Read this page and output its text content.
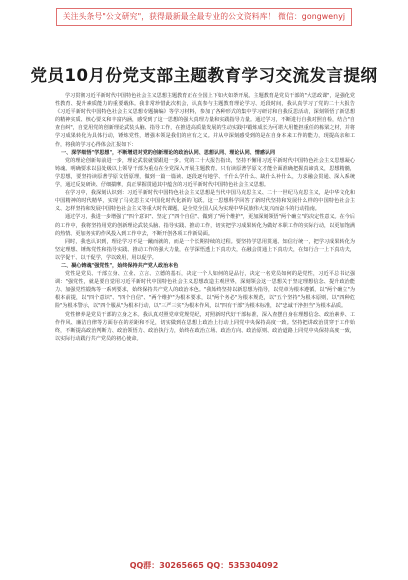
关注头条号"公文研究"，获得最新最全最专业的公文资料库！ 微信：gongwenyj
党员10月份党支部主题教育学习交流发言提纲

学习贯彻习近平新时代中国特色社会主义思想主题教育正在全国上下如火如荼开展。主题教育是党员干部的"大思政课"，是强化党性教育、提升素质能力的重要载体。我非常珍惜此次机会，认真参与主题教育理论学习、近段时间，我认真学习了党的二十大报告《习近平新时代中国特色社会主义思想专题摘编》等学习材料，参加了各种形式的集中学习研讨和自我反思活动，深刻领悟了新思想的精神实质、核心要义和丰富内涵，感受到了这一思想的强大真理力量和实践指导力量。通过学习，不断进行自我对照自检，结合"自查自纠"，自觉用党的创新理论武装头脑、指导工作，在推进高质量发展的生动实践中锻炼成长为可堪大用能担重任的栋梁之材，并将学习成果转化为具体行动，锤炼党性，增强本领是我们的应有之义。并从中深刻感受到的是在自身本来工作的能力，现提高亲和工作，将我的学习心得体会汇报如下：

一、深学细悟"学思想"，不断增进对党的创新理论的政治认同、思想认同、理论认同、情感认同

党的理论创新每前进一步，理论武装就要跟进一步。党的二十大报告指出，坚持不懈用习近平新时代中国特色社会主义思想凝心铸魂。明确要求以县处级以上领导干部为重点在全党深入开展主题教育。只有读原著学原文才能全面准确把握真谛真义，思想精髓，学思想，要坚持读原著学原文悟原理，做到一篇一篇读、逐段逐句地学、千什么学什么、缺什么补什么，力求融会贯通、深入系统学，通过反复研读、仔细揣摩，真正掌握贯通其中蕴含的习近平新时代中国特色社会主义思想。

在学习中，我深刻认识到：习近平新时代中国特色社会主义思想是当代中国马克思主义、二十一世纪马克思主义，是中华文化和中国精神的时代精华，实现了马克思主义中国化时代化新的飞跃。这一思想科学回答了新时代坚持和发展什么样的中国特色社会主义、怎样坚持和发展中国特色社会主义等重大时代课题，是全党全国人民为实现中华民族伟大复兴而奋斗的行动指南。

通过学习，我进一步增强了"四个意识"、坚定了"四个自信"、做到了"两个维护"，更加深刻领悟"两个确立"的决定性意义。在今后的工作中，我将坚持用党的创新理论武装头脑、指导实践、推动工作，切实把学习成果转化为做好本职工作的实际行动，以更加饱满的热情、更加务实的作风投入到工作中去，不断开创各项工作新局面。

同时，我也认识到，理论学习不是一蹴而就的，而是一个长期持续的过程。要坚持学思用贯通、知信行统一，把学习成果转化为坚定理想、锤炼党性和指导实践、推动工作的强大力量，在学深悟透上下真功夫，在融会贯通上下真功夫，在知行合一上下真功夫，以学促干、以干促学，学以致用，用以促学。

二、凝心铸魂"强党性"，始终保持共产党人政治本色

党性是党员、干部立身、立业、立言、立德的基石，决定一个人如何的是品行，决定一名党员如何的是党性，习近平总书记强调："强党性，就是要自觉用习近平新时代中国特色社会主义思想改造主观世界，深刻领会这一思想关于坚定理想信念、提升政治能力、加强党性锻炼等一系列要求，始终保持共产党人的政治本色。"我始终坚持以新思想为指导，以党章为根本遵循，以"两个确立"为根本前提，以"四个意识"、"四个自信"、"两个维护"为根本要求，以"两个务必"为根本规范，以"五个坚持"为根本原则，以"四种危险"为根本警示，以"四个服从"为根本行动，以"三严三实"为根本作风，以"四有干部"为根本标准，以"忠诚干净担当"为根本品质。

党性修养是党员干部的立身之本。我认真对照党章党规党纪，对照新时代好干部标准，深入查摆自身在理想信念、政治素养、工作作风、廉洁自律等方面存在的差距和不足，切实做到在思想上政治上行动上同党中央保持高度一致。坚持把讲政治贯穿于工作始终，不断提高政治判断力、政治领悟力、政治执行力，始终在政治立场、政治方向、政治原则、政治道路上同党中央保持高度一致，以实际行动践行共产党员的初心使命。

QQ群：30265665 QQ：535304092
